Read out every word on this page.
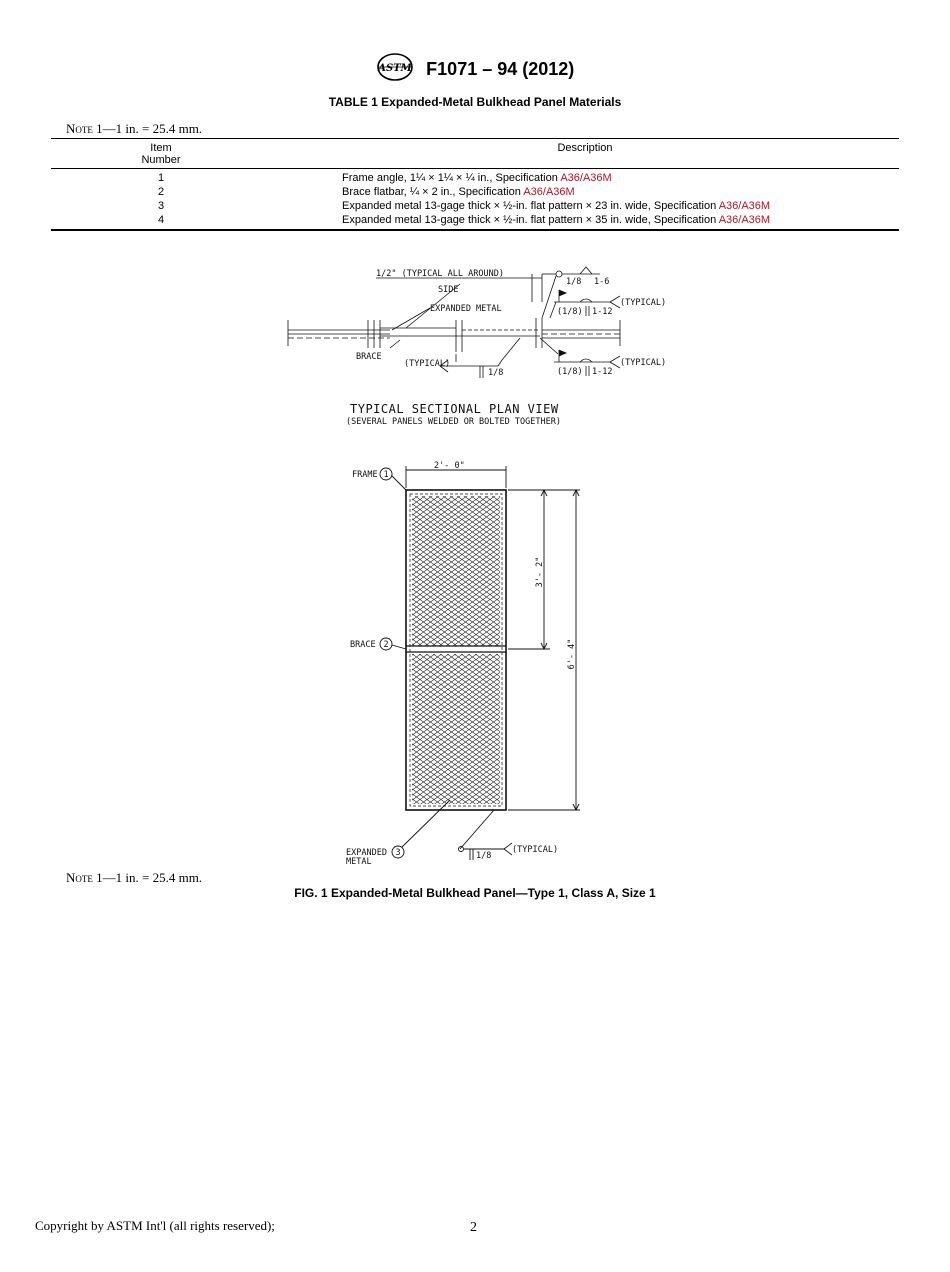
ASTM F1071 – 94 (2012)
TABLE 1 Expanded-Metal Bulkhead Panel Materials
Note 1—1 in. = 25.4 mm.
Item
Number	Description
1	Frame angle, 1¼ × 1¼ × ¼ in., Specification A36/A36M
2	Brace flatbar, ¼ × 2 in., Specification A36/A36M
3	Expanded metal 13-gage thick × ½-in. flat pattern × 23 in. wide, Specification A36/A36M
4	Expanded metal 13-gage thick × ½-in. flat pattern × 35 in. wide, Specification A36/A36M
1/2" (TYPICAL ALL AROUND)
SIDE
EXPANDED METAL
BRACE
(TYPICAL)
1/8
1/8 1-6
(1/8) 1-12
(TYPICAL)
(1/8) 1-12
(TYPICAL)
TYPICAL SECTIONAL PLAN VIEW
(SEVERAL PANELS WELDED OR BOLTED TOGETHER)
2'- 0"
FRAME 1
BRACE 2
EXPANDED
METAL
3	1/8
(TYPICAL)
3'- 2"
6'- 4"
Note 1—1 in. = 25.4 mm.
FIG. 1 Expanded-Metal Bulkhead Panel—Type 1, Class A, Size 1
Copyright by ASTM Int'l (all rights reserved);	2
